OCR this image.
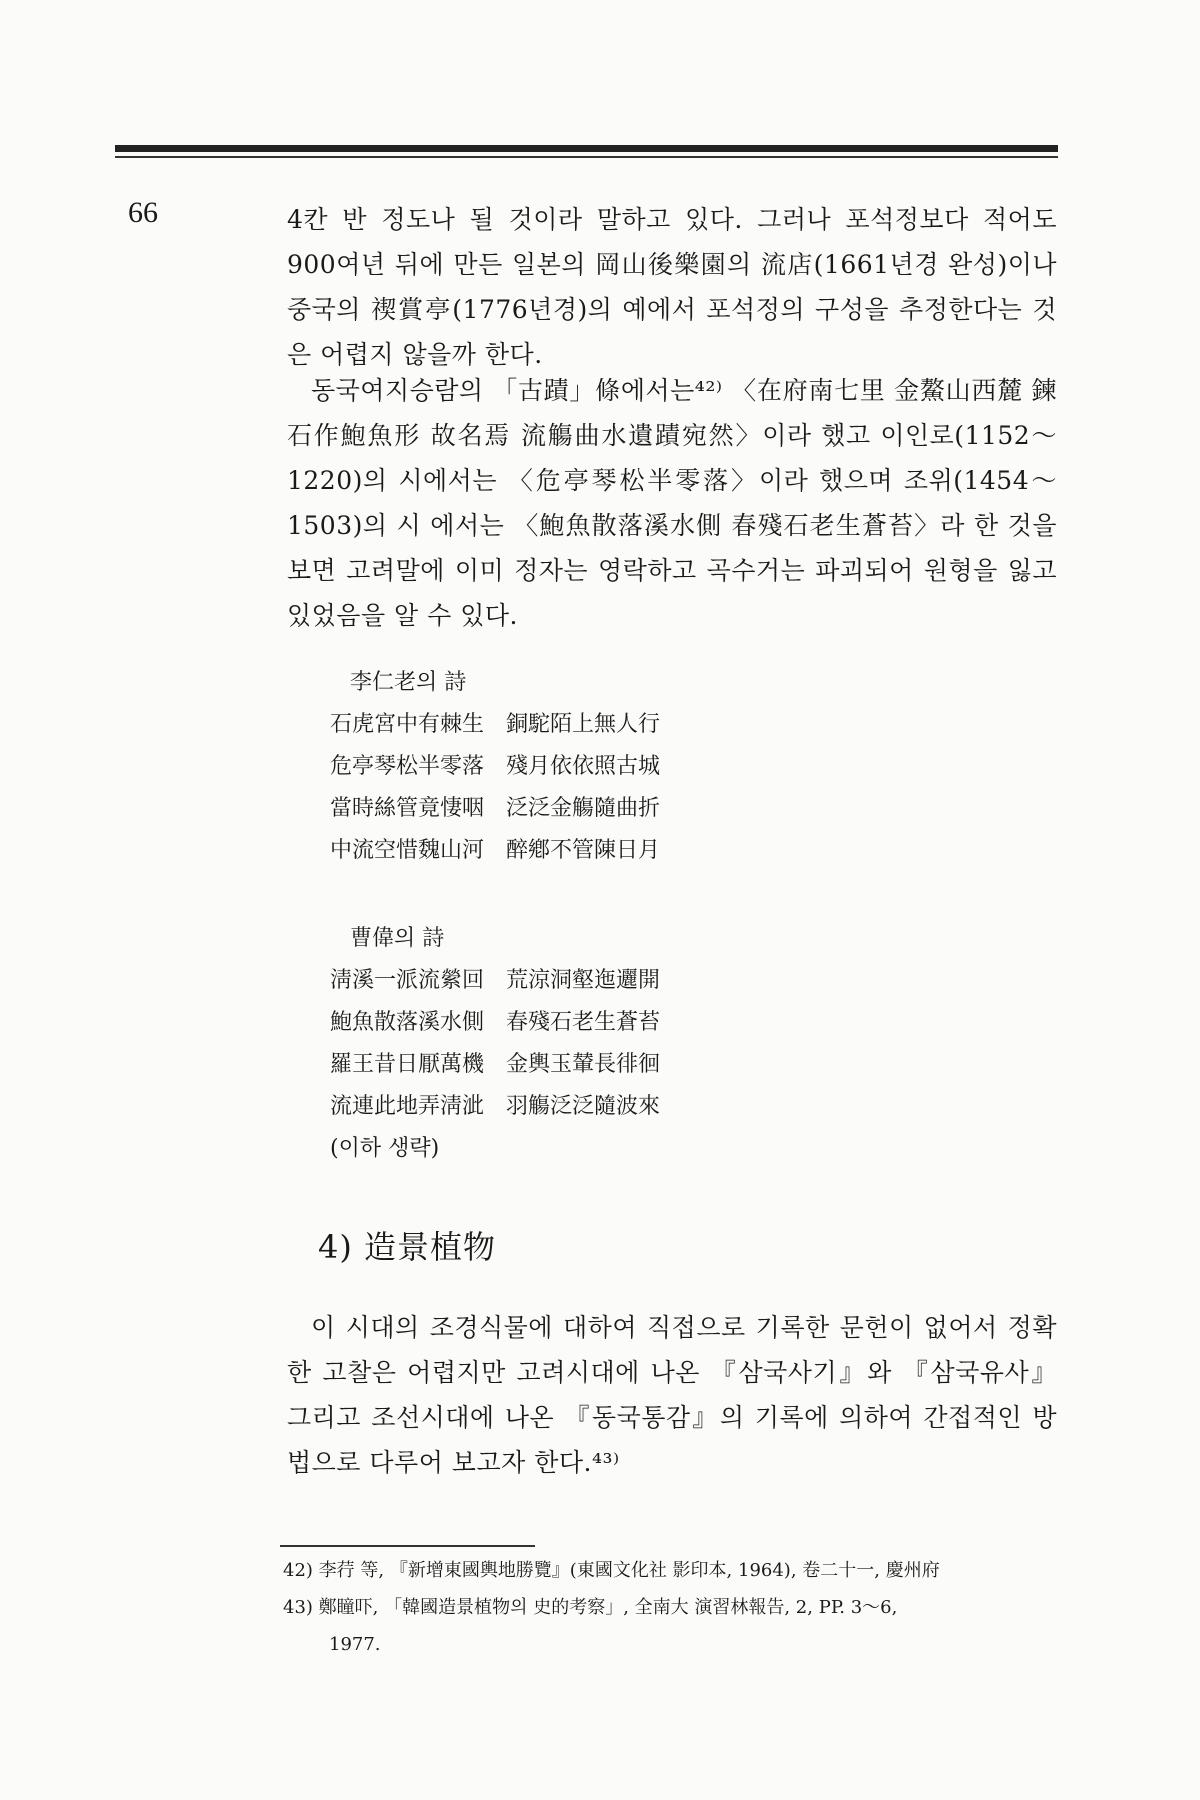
66	4칸 반 정도나 될 것이라 말하고 있다. 그러나 포석정보다 적어도 900여년 뒤에 만든 일본의 岡山後樂園의 流店(1661년경 완성)이나 중국의 禊賞亭(1776년경)의 예에서 포석정의 구성을 추정한다는 것은 어렵지 않을까 한다.

동국여지승람의 「古蹟」條에서는⁴²⁾ 〈在府南七里 金鰲山西麓 鍊石作鮑魚形 故名焉 流觴曲水遺蹟宛然〉이라 했고 이인로(1152～1220)의 시에서는 〈危亭琴松半零落〉이라 했으며 조위(1454～1503)의 시 에서는 〈鮑魚散落溪水側 春殘石老生蒼苔〉라 한 것을 보면 고려말에 이미 정자는 영락하고 곡수거는 파괴되어 원형을 잃고 있었음을 알 수 있다.

李仁老의 詩
石虎宮中有棘生　銅駝陌上無人行
危亭琴松半零落　殘月依依照古城
當時絲管竟悽咽　泛泛金觴隨曲折
中流空惜魏山河　醉鄕不管陳日月
曹偉의 詩
淸溪一派流縈回　荒涼洞壑迤邐開
鮑魚散落溪水側　春殘石老生蒼苔
羅王昔日厭萬機　金輿玉輦長徘徊
流連此地弄淸泚　羽觴泛泛隨波來
(이하 생략)
4) 造景植物

이 시대의 조경식물에 대하여 직접으로 기록한 문헌이 없어서 정확한 고찰은 어렵지만 고려시대에 나온 『삼국사기』와 『삼국유사』 그리고 조선시대에 나온 『동국통감』의 기록에 의하여 간접적인 방법으로 다루어 보고자 한다.⁴³⁾

42) 李荇 等, 『新增東國輿地勝覽』(東國文化社 影印本, 1964), 卷二十一, 慶州府

43) 鄭瞳吓, 「韓國造景植物의 史的考察」, 全南大 演習林報告, 2, PP. 3～6,

1977.
